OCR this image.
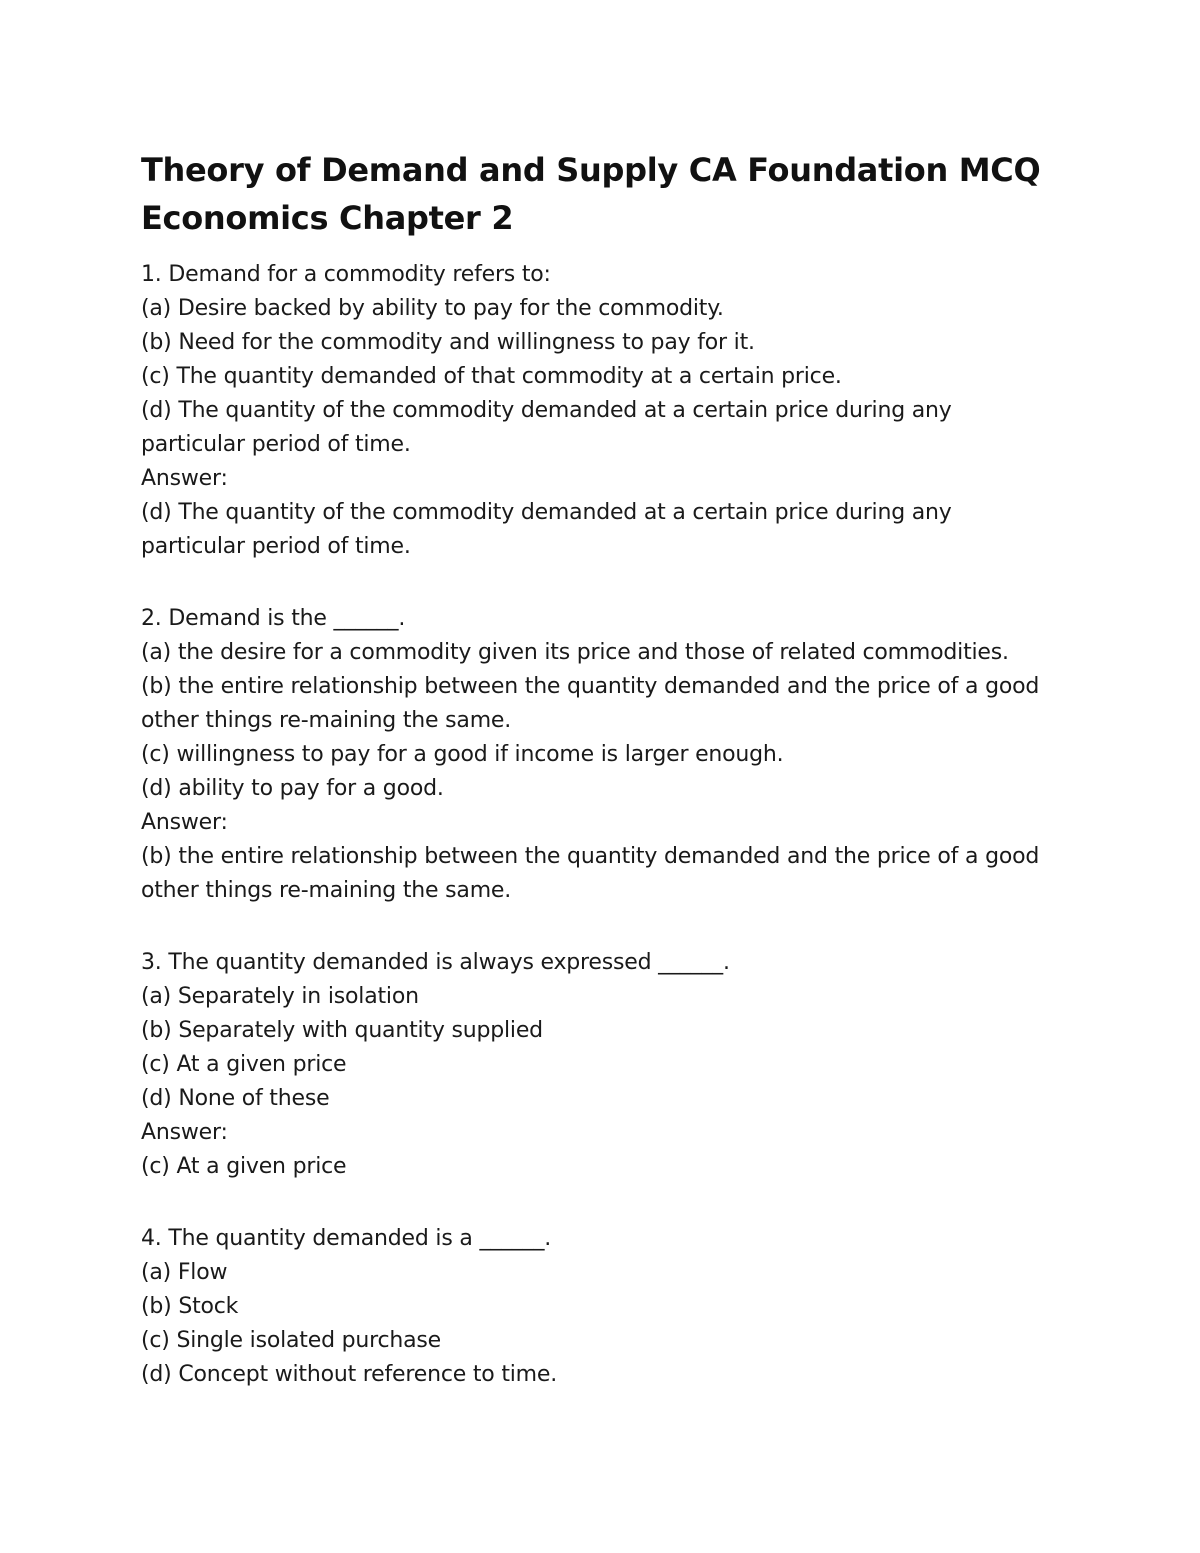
Theory of Demand and Supply CA Foundation MCQ Economics Chapter 2
1. Demand for a commodity refers to:
(a) Desire backed by ability to pay for the commodity.
(b) Need for the commodity and willingness to pay for it.
(c) The quantity demanded of that commodity at a certain price.
(d) The quantity of the commodity demanded at a certain price during any particular period of time.
Answer:
(d) The quantity of the commodity demanded at a certain price during any particular period of time.
2. Demand is the ______.
(a) the desire for a commodity given its price and those of related commodities.
(b) the entire relationship between the quantity demanded and the price of a good other things re-maining the same.
(c) willingness to pay for a good if income is larger enough.
(d) ability to pay for a good.
Answer:
(b) the entire relationship between the quantity demanded and the price of a good other things re-maining the same.
3. The quantity demanded is always expressed ______.
(a) Separately in isolation
(b) Separately with quantity supplied
(c) At a given price
(d) None of these
Answer:
(c) At a given price
4. The quantity demanded is a ______.
(a) Flow
(b) Stock
(c) Single isolated purchase
(d) Concept without reference to time.
